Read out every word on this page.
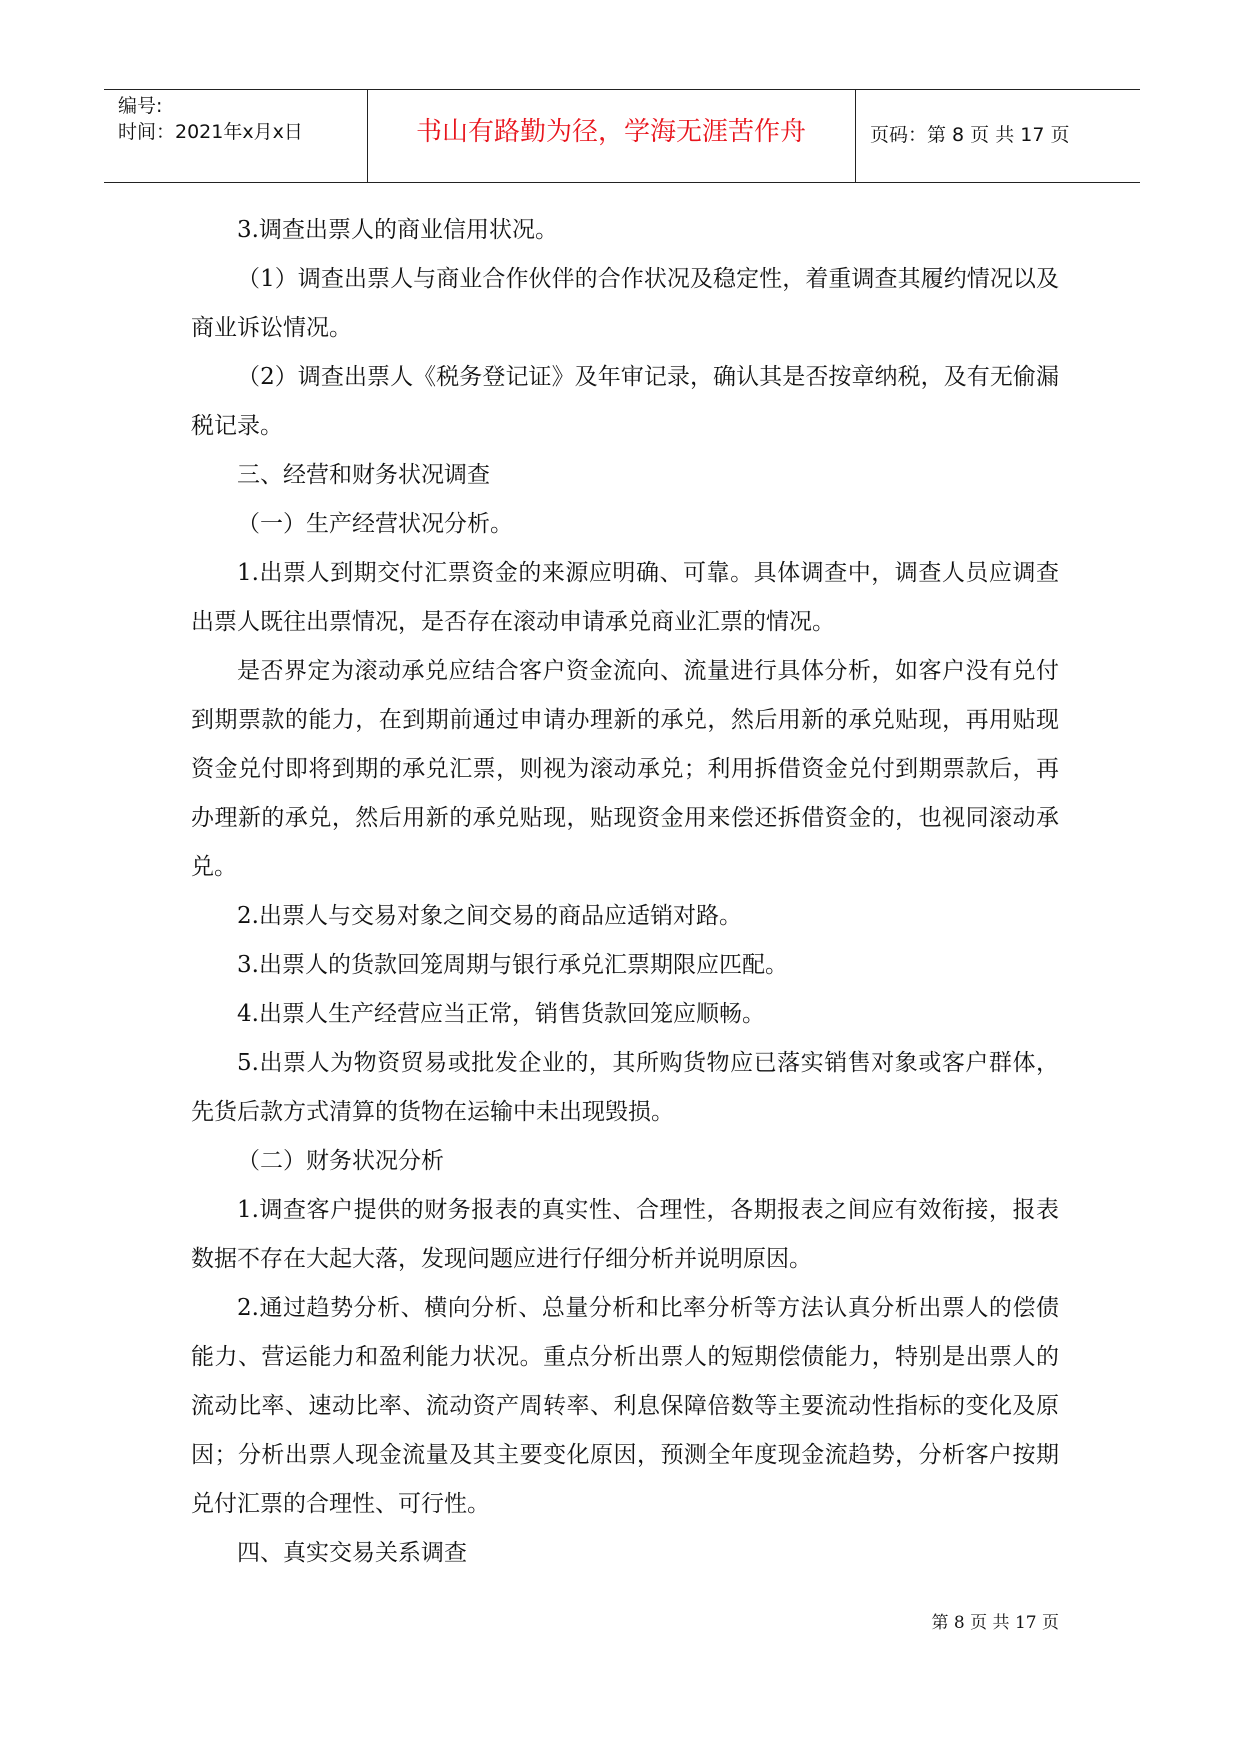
编号:
时间：2021年x月x日	书山有路勤为径，学海无涯苦作舟	页码：第 8 页 共 17 页

3.调查出票人的商业信用状况。

（1）调查出票人与商业合作伙伴的合作状况及稳定性，着重调查其履约情况以及商业诉讼情况。

（2）调查出票人《税务登记证》及年审记录，确认其是否按章纳税，及有无偷漏税记录。

三、经营和财务状况调查

（一）生产经营状况分析。

1.出票人到期交付汇票资金的来源应明确、可靠。具体调查中，调查人员应调查出票人既往出票情况，是否存在滚动申请承兑商业汇票的情况。

是否界定为滚动承兑应结合客户资金流向、流量进行具体分析，如客户没有兑付到期票款的能力，在到期前通过申请办理新的承兑，然后用新的承兑贴现，再用贴现资金兑付即将到期的承兑汇票，则视为滚动承兑；利用拆借资金兑付到期票款后，再办理新的承兑，然后用新的承兑贴现，贴现资金用来偿还拆借资金的，也视同滚动承兑。

2.出票人与交易对象之间交易的商品应适销对路。

3.出票人的货款回笼周期与银行承兑汇票期限应匹配。

4.出票人生产经营应当正常，销售货款回笼应顺畅。

5.出票人为物资贸易或批发企业的，其所购货物应已落实销售对象或客户群体，先货后款方式清算的货物在运输中未出现毁损。

（二）财务状况分析

1.调查客户提供的财务报表的真实性、合理性，各期报表之间应有效衔接，报表数据不存在大起大落，发现问题应进行仔细分析并说明原因。

2.通过趋势分析、横向分析、总量分析和比率分析等方法认真分析出票人的偿债能力、营运能力和盈利能力状况。重点分析出票人的短期偿债能力，特别是出票人的流动比率、速动比率、流动资产周转率、利息保障倍数等主要流动性指标的变化及原因；分析出票人现金流量及其主要变化原因，预测全年度现金流趋势，分析客户按期兑付汇票的合理性、可行性。

四、真实交易关系调查

第 8 页 共 17 页
